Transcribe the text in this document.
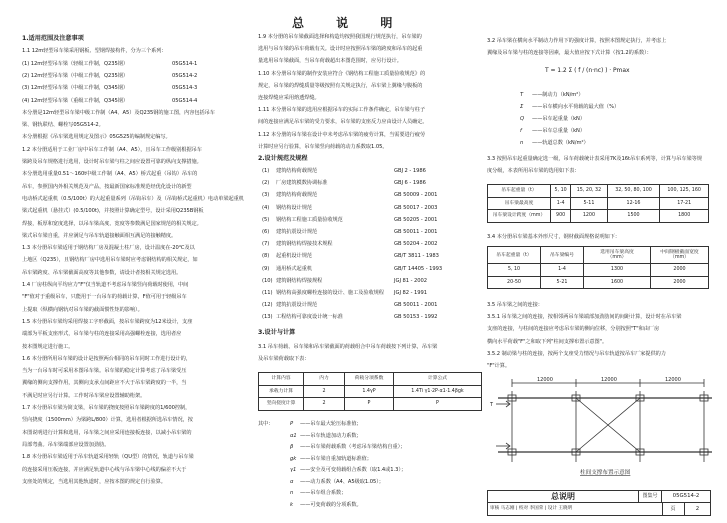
总 说 明
1.适用范围及注意事项
1.1 12m轻型吊车梁采用钢板、型钢焊接构件，分为三个系列：
(1) 12m轻型吊车梁（轻级工作制，Q235钢）	05G514-1
(2) 12m轻型吊车梁（中级工作制，Q235钢）	05G514-2
(3) 12m轻型吊车梁（中级工作制，Q345钢）	05G514-3
(4) 12m轻型吊车梁（重级工作制，Q345钢）	05G514-4
本分册是12m轻型吊车梁中级工作制（A4、A5）及Q235钢的施工图，内容包括吊车
梁、钢轨联结、螺栓写05G514-2。
本分册根据《吊车梁选用规定及图示》05G525的编制规定编写。
1.2 本分册适用于工业厂房中吊车工作制（A4、A5），且吊车工作级别根据吊车
梁跨及吊车规格进行选用，设计时吊车梁与柱之间应设置可靠的纵向支撑措施。
本分册选用重量0.51～160t中级工作制（A4、A5）桥式起重（吊钩）吊车的
吊车，参照国内外相关规范及产品，按最新国家标准规范经优化设计的新型
电动桥式起重机（0.5/100t）的大起重量系列（吊钩吊车）及（吊钩桥式起重机）电动单梁起重机
梁式起重机（悬挂式）(0.5/100t)，并按照计算确定型号，设计采用Q235B钢板
焊接，板厚和宽度选择，以吊车梁高度、宽度等参数满足国家规范的相关规定。
梁式吊车梁自重，并应满足与吊车轨道接触面相互满足的接触精度。
1.3 本分册吊车梁适用于钢结构厂房及混凝土柱厂房，设计温度在-20℃及以
上地区（Q235），且钢结构厂房中选用吊车梁时应考虑钢结构的相关规定，如
吊车梁跨度、吊车梁截面高度等其他参数，请设计者按相关规定选用。
1.4 厂房柱纵向平均应力"F"仅当轨道不考虑吊车梁竖向荷载时使用，中间
"F"值对于重级吊车，只能用于一台吊车的荷载计算，F值可用于轻级吊车
上提取（纵横向钢轨对吊车梁的截面惯性矩的影响）。
1.5 本分册吊车梁均采用焊接工字形截面，按吊车梁跨度为12米设计，支座
端部为平板支座形式，吊车梁与柱的连接采用高强螺栓连接，选用者应
按本图规定进行施工。
1.6 本分册所用吊车梁的设计是按照两台相同的吊车同时工作进行设计的，
当为一台吊车时可采用本图吊车梁。吊车梁的稳定计算考虑了吊车梁受压
翼缘的侧向支撑作用，其侧向支承点间距应不大于吊车梁跨度的一半，当
不满足时应另行计算。工作时吊车梁应设置辅助桁架。
1.7 本分册吊车梁为简支梁，吊车梁的挠度按照吊车梁跨度的1/600控制，
竖向挠度（1500mm）为梁跨L/800）计算，选用者根据所选吊车情况，按
本图说明进行计算和选用，吊车梁之间应采用连接板连接，以减小吊车梁的
局部弯曲。吊车梁端部应设置加劲肋。
1.8 本分册吊车梁适用于吊车轨道采用轻轨（QU型）的情况，轨道与吊车梁
的连接采用压板连接，并应满足轨道中心线与吊车梁中心线的偏差不大于
支座处的规定，当选用其他轨道时，应按本图的规定自行验算。
1.9 本分册的吊车梁截面选择和构造均按照我国现行规范执行，吊车梁的
选用与吊车梁的吊车荷载有关。设计时应按照吊车梁的跨度和吊车的起重
量选用吊车梁截面，当吊车荷载超出本图范围时，应另行设计。
1.10 本分册吊车梁的制作安装应符合《钢结构工程施工质量验收规范》的
规定，吊车梁的焊缝质量等级按照有关规定执行，吊车梁上翼缘与腹板的
连接焊缝应采用熔透焊缝。
1.11 本分册吊车梁的选用应根据吊车的实际工作条件确定，吊车梁与柱子
间的连接应满足吊车梁的受力要求，吊车梁的支座反力应由设计人员确定。
1.12 本分册的吊车梁在设计中未考虑吊车梁的疲劳计算，当需要进行疲劳
计算时应另行验算，吊车梁竖向荷载的动力系数取1.05。
2.设计规范及规程
(1) 建筑结构荷载规范	GBJ 2 - 1986
(2) 厂房建筑模数协调标准	GBJ 6 - 1986
(3) 建筑结构荷载规范	GB 50009 - 2001
(4) 钢结构设计规范	GB 50017 - 2003
(5) 钢结构工程施工质量验收规范	GB 50205 - 2001
(6) 建筑抗震设计规范	GB 50011 - 2001
(7) 建筑钢结构焊接技术规程	GB 50204 - 2002
(8) 起重机设计规范	GB/T 3811 - 1983
(9) 通用桥式起重机	GB/T 14405 - 1993
(10) 建筑钢结构焊接规程	JGJ 81 - 2002
(11) 钢结构高强度螺栓连接的设计、施工及验收规程 JGJ 82 - 1991
(12) 建筑抗震设计规范	GB 50011 - 2001
(13) 工程结构可靠度设计统一标准	GB 50153 - 1992
3.设计与计算
3.1 吊车荷载、吊车梁和吊车梁截面的荷载组合中吊车荷载按下列计算，吊车梁
及吊车梁荷载取下表：
其中：	P ——吊车最大轮压标准值；
α1 ——吊车轨道加动力系数；
β ——吊车梁荷载系数（考虑吊车梁结构自重）；
gk ——吊车梁自重加轨道标准值；
γ1 ——安全及可变荷载组合系数（取1.4或1.3）；
α ——动力系数（A4、A5级取1.05）；
n ——吊车组合系数；
k ——可变荷载的分项系数。
3.2 吊车梁在横向水平制动力作用下的强度计算，按照本图规定执行，并考虑上
翼缘及吊车梁与柱的连接等因素，最大值应按下式计算（按1.2的系数）：
T = 1.2 Σ ( f / (n·nc) ) · Pmax
T ——制动力（kN/m²）
Σ ——吊车横向水平荷载的最大值（%）
Q ——吊车起重量（kN）
f ——吊车总重量（kN）
n ——轨道总数（kN/m²）
3.3 按照吊车起重量确定选一级，吊车荷载统计表采用7K及16t吊车系列等，计算与吊车梁等规
度分级，本表所用吊车梁的选用如下表：
3.4 本分册吊车梁基本外形尺寸，钢材截面规格说明如下：
3.5 吊车梁之间的连接：
3.5.1 吊车梁之间的连接，按相邻两吊车梁端部加劲肋间的间距计算，设计时在吊车梁
支座的连接，与柱间的连接应考虑吊车梁的侧向位移，分别按照"T"和由厂房
横向水平荷载"F"之和取下列"柱间支撑布置示意图"。
3.5.2 制动梁与柱的连接，按两个支座受力情况与吊车轨道按吊车厂家提供的力
"F"计算。
计算内容	内力	荷载分项系数	计算公式
承载力计算	2	1.4γP	1.4Ti γ1·2P·α1·1.4βgk
竖向挠度计算	2	P	P
吊车起重量（t）	5, 10	15, 20, 32	32, 50, 80, 100	100, 125, 160
吊车梁最高度	1-4	5-11	12-16	17-21
吊车梁设计跨度（mm）	900	1200	1500	1800
吊车起重量（t）	吊车梁编号	选用吊车梁高度
（mm）	中间钢板截面宽度
（mm）
5, 10	1-4	1300	2000
20-50	5-21	1600	2000
12000	12000	12000
T
柱间支撑布置示意图
总说明	图集号	05G514-2
审核 马志刚 | 校对 李国荣 | 设计 王晓明	页	2
